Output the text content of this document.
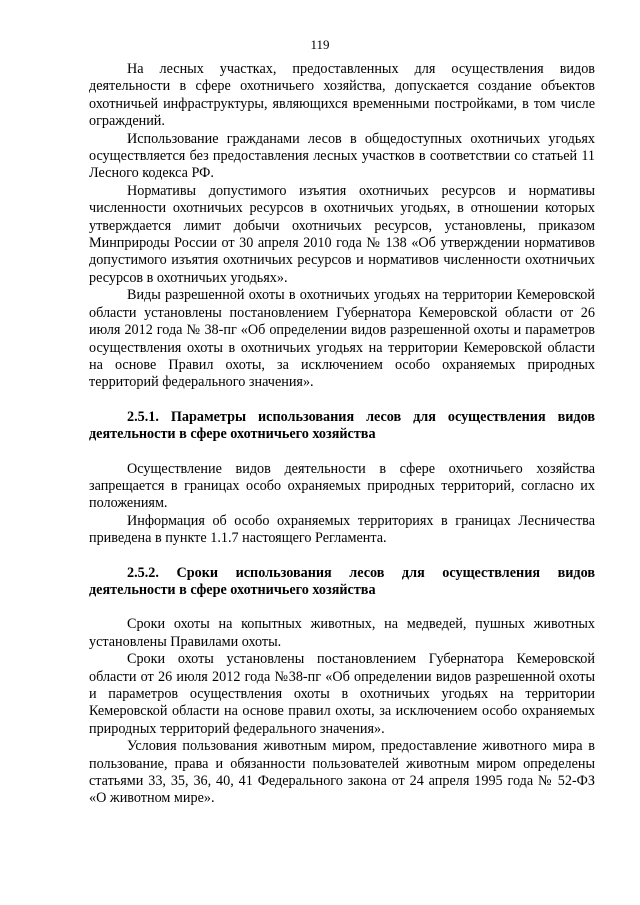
119

На лесных участках, предоставленных для осуществления видов деятельности в сфере охотничьего хозяйства, допускается создание объектов охотничьей инфраструктуры, являющихся временными постройками, в том числе ограждений.

Использование гражданами лесов в общедоступных охотничьих угодьях осуществляется без предоставления лесных участков в соответствии со статьей 11 Лесного кодекса РФ.

Нормативы допустимого изъятия охотничьих ресурсов и нормативы численности охотничьих ресурсов в охотничьих угодьях, в отношении которых утверждается лимит добычи охотничьих ресурсов, установлены, приказом Минприроды России от 30 апреля 2010 года № 138 «Об утверждении нормативов допустимого изъятия охотничьих ресурсов и нормативов численности охотничьих ресурсов в охотничьих угодьях».

Виды разрешенной охоты в охотничьих угодьях на территории Кемеровской области установлены постановлением Губернатора Кемеровской области от 26 июля 2012 года № 38-пг «Об определении видов разрешенной охоты и параметров осуществления охоты в охотничьих угодьях на территории Кемеровской области на основе Правил охоты, за исключением особо охраняемых природных территорий федерального значения».

2.5.1. Параметры использования лесов для осуществления видов деятельности в сфере охотничьего хозяйства

Осуществление видов деятельности в сфере охотничьего хозяйства запрещается в границах особо охраняемых природных территорий, согласно их положениям.

Информация об особо охраняемых территориях в границах Лесничества приведена в пункте 1.1.7 настоящего Регламента.

2.5.2. Сроки использования лесов для осуществления видов деятельности в сфере охотничьего хозяйства

Сроки охоты на копытных животных, на медведей, пушных животных установлены Правилами охоты.

Сроки охоты установлены постановлением Губернатора Кемеровской области от 26 июля 2012 года №38-пг «Об определении видов разрешенной охоты и параметров осуществления охоты в охотничьих угодьях на территории Кемеровской области на основе правил охоты, за исключением особо охраняемых природных территорий федерального значения».

Условия пользования животным миром, предоставление животного мира в пользование, права и обязанности пользователей животным миром определены статьями 33, 35, 36, 40, 41 Федерального закона от 24 апреля 1995 года № 52-ФЗ «О животном мире».
